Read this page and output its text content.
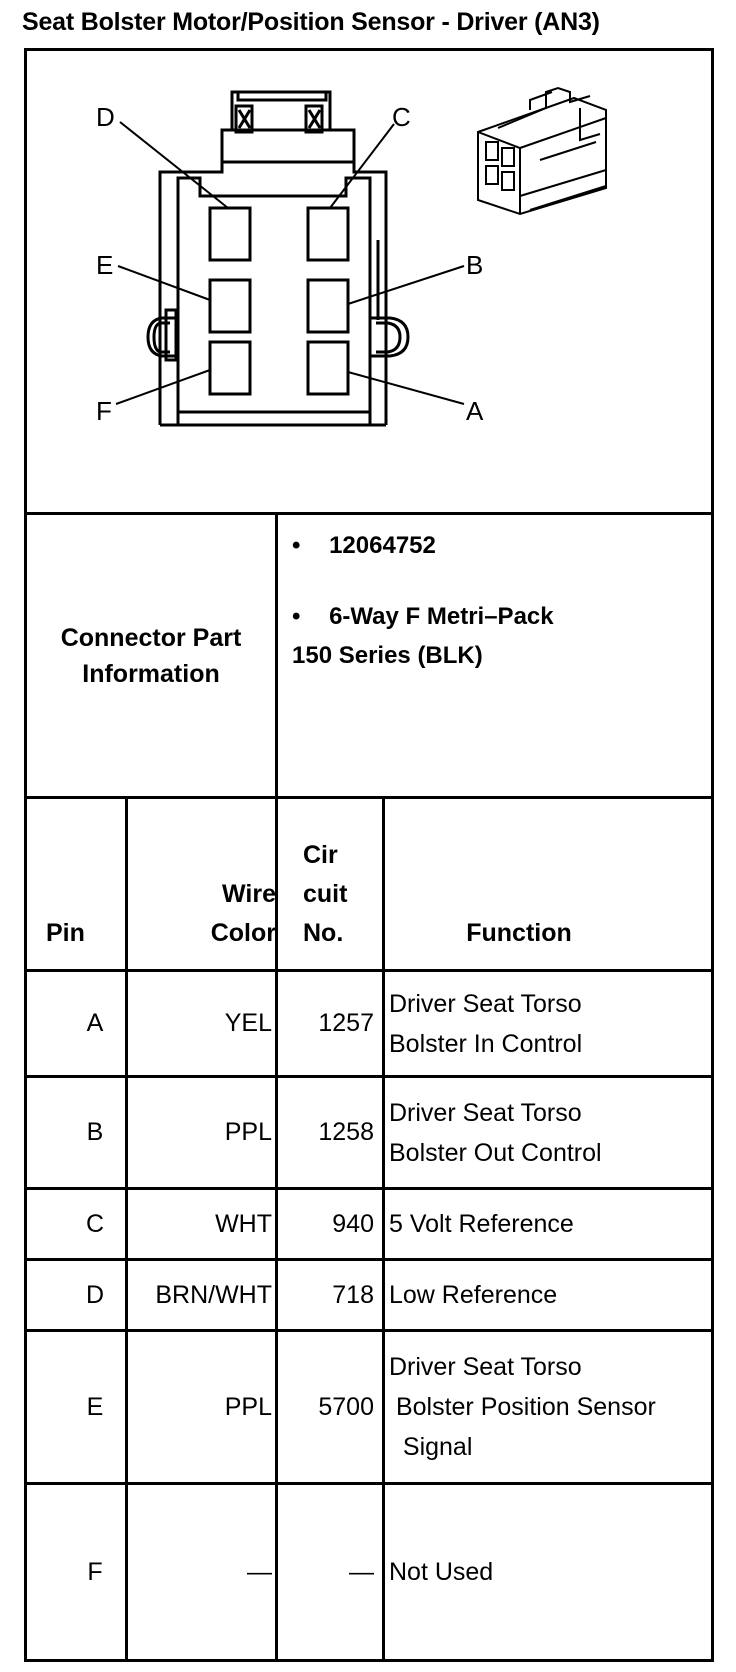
Seat Bolster Motor/Position Sensor - Driver (AN3)
D	C
E	B
F	A
Connector Part
Information
• 12064752
• 6-Way F Metri–Pack
150 Series (BLK)
Pin
Wire
Color
Cir
cuit
No.	Function
A	YEL	1257
Driver Seat Torso
Bolster In Control
B	PPL	1258
Driver Seat Torso
Bolster Out Control
C	WHT	940 5 Volt Reference
D	BRN/WHT	718 Low Reference
E	PPL	5700
Driver Seat Torso
Bolster Position Sensor
Signal
F	—	— Not Used
